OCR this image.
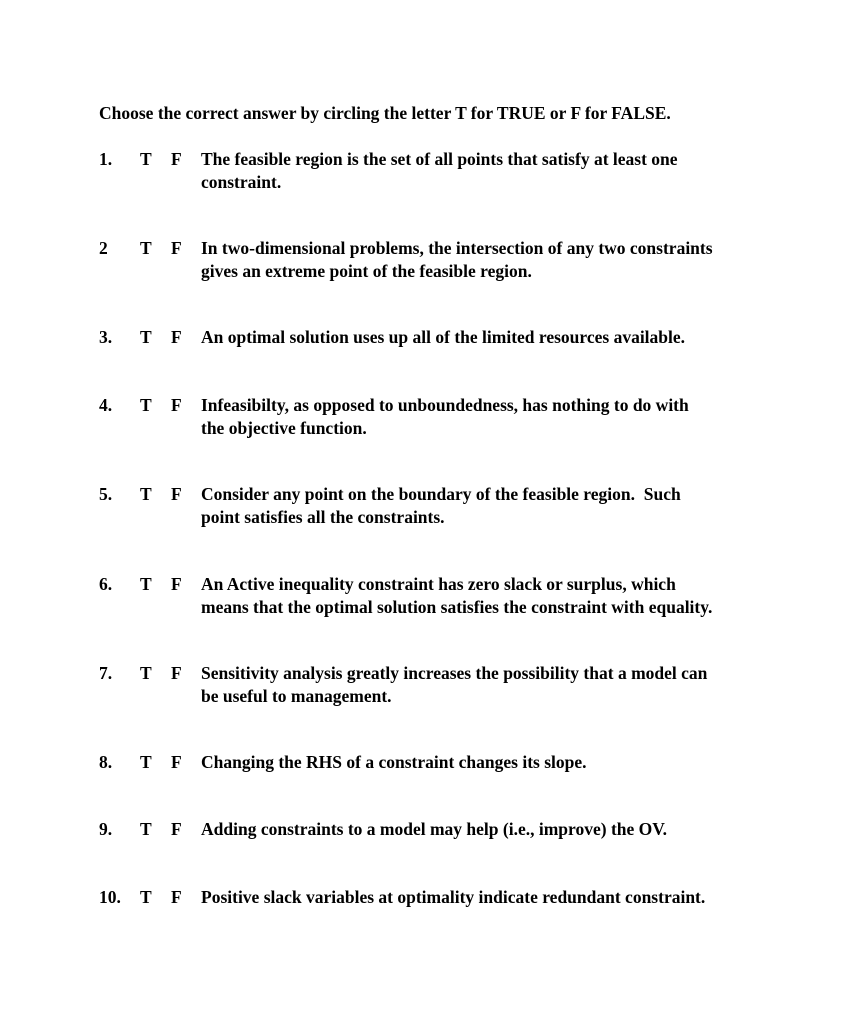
Choose the correct answer by circling the letter T for TRUE or F for FALSE.
1. T F The feasible region is the set of all points that satisfy at least one
constraint.
2 T F In two-dimensional problems, the intersection of any two constraints
gives an extreme point of the feasible region.
3. T F An optimal solution uses up all of the limited resources available.
4. T F Infeasibilty, as opposed to unboundedness, has nothing to do with
the objective function.
5. T F Consider any point on the boundary of the feasible region.  Such
point satisfies all the constraints.
6. T F An Active inequality constraint has zero slack or surplus, which
means that the optimal solution satisfies the constraint with equality.
7. T F Sensitivity analysis greatly increases the possibility that a model can
be useful to management.
8. T F Changing the RHS of a constraint changes its slope.
9. T F Adding constraints to a model may help (i.e., improve) the OV.
10. T F Positive slack variables at optimality indicate redundant constraint.
